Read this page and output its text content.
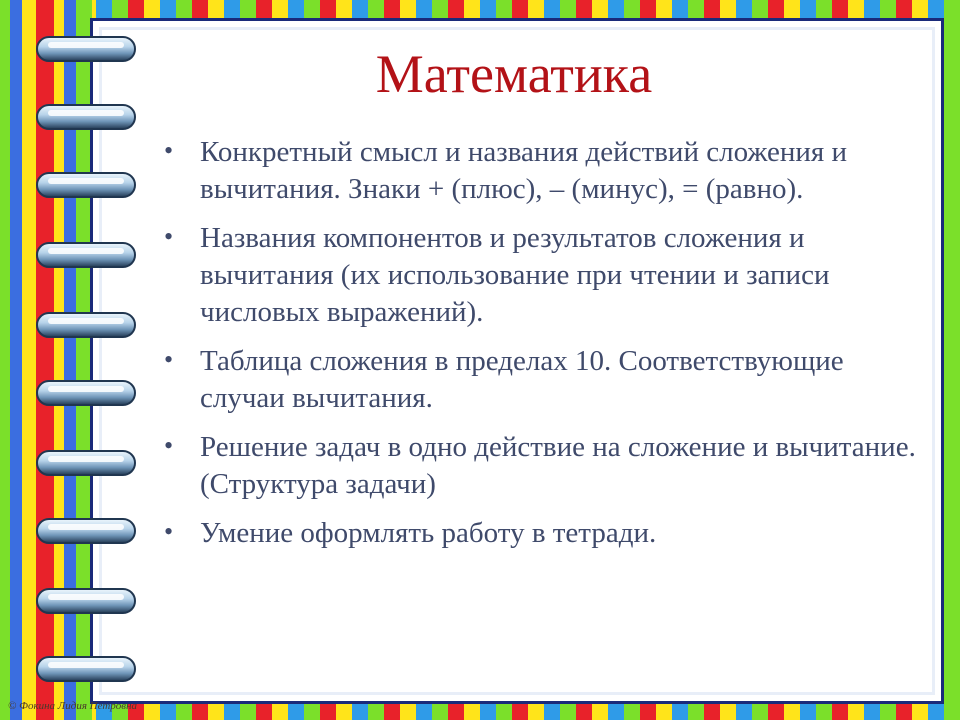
Математика
• Конкретный смысл и названия действий сложения и вычитания. Знаки + (плюс), – (минус), = (равно).
• Названия компонентов и результатов сложения и вычитания (их использование при чтении и записи числовых выражений).
• Таблица сложения в пределах 10. Соответствующие случаи вычитания.
• Решение задач в одно действие на сложение и вычитание. (Структура задачи)
• Умение оформлять работу в тетради.
© Фокина Лидия Петровна
